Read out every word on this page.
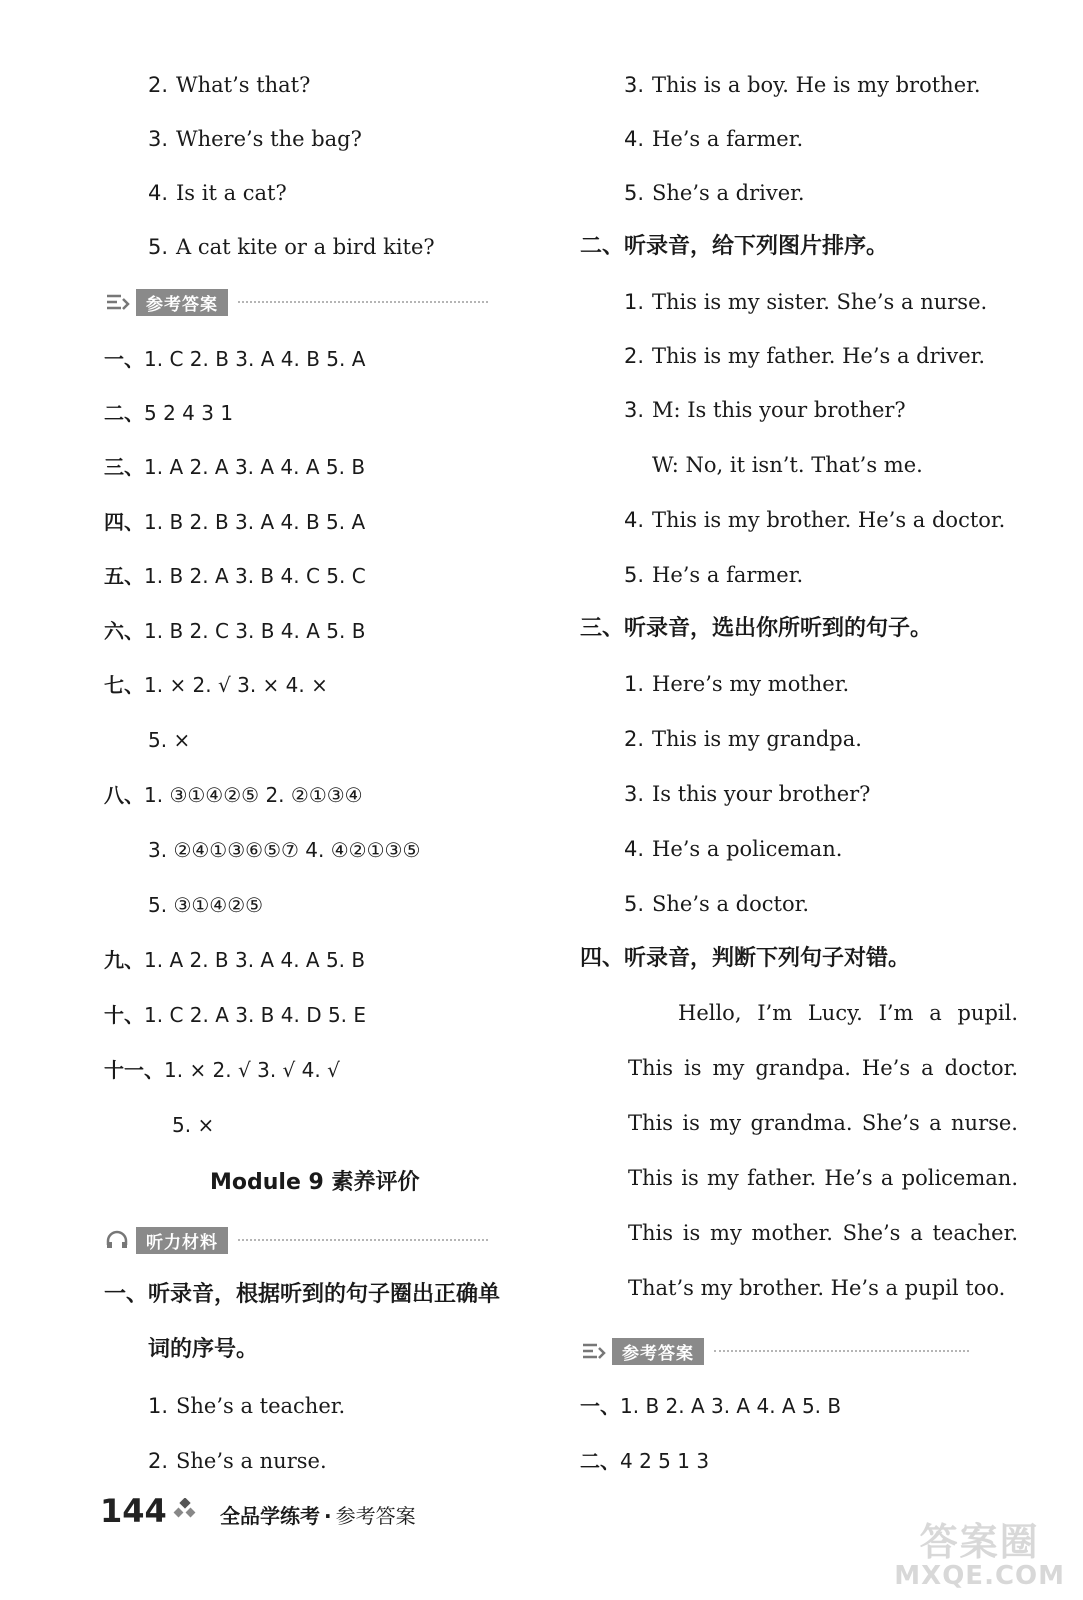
2. What’s that?
3. Where’s the bag?
4. Is it a cat?
5. A cat kite or a bird kite?
参考答案
一、1. C 2. B 3. A 4. B 5. A
二、5 2 4 3 1
三、1. A 2. A 3. A 4. A 5. B
四、1. B 2. B 3. A 4. B 5. A
五、1. B 2. A 3. B 4. C 5. C
六、1. B 2. C 3. B 4. A 5. B
七、1. × 2. √ 3. × 4. ×
5. ×
八、1. ③①④②⑤ 2. ②①③④
3. ②④①③⑥⑤⑦ 4. ④②①③⑤
5. ③①④②⑤
九、1. A 2. B 3. A 4. A 5. B
十、1. C 2. A 3. B 4. D 5. E
十一、1. × 2. √ 3. √ 4. √
5. ×
Module 9 素养评价
听力材料
一、听录音，根据听到的句子圈出正确单
词的序号。
1. She’s a teacher.
2. She’s a nurse.
3. This is a boy. He is my brother.
4. He’s a farmer.
5. She’s a driver.
二、听录音，给下列图片排序。
1. This is my sister. She’s a nurse.
2. This is my father. He’s a driver.
3. M: Is this your brother?
W: No, it isn’t. That’s me.
4. This is my brother. He’s a doctor.
5. He’s a farmer.
三、听录音，选出你所听到的句子。
1. Here’s my mother.
2. This is my grandpa.
3. Is this your brother?
4. He’s a policeman.
5. She’s a doctor.
四、听录音，判断下列句子对错。
Hello, I’m Lucy. I’m a pupil. This is my grandpa. He’s a doctor. This is my grandma. She’s a nurse. This is my father. He’s a policeman. This is my mother. She’s a teacher. That’s my brother. He’s a pupil too.
参考答案
一、1. B 2. A 3. A 4. A 5. B
二、4 2 5 1 3
144	全品学练考 · 参考答案
答案圈
MXQE.COM
